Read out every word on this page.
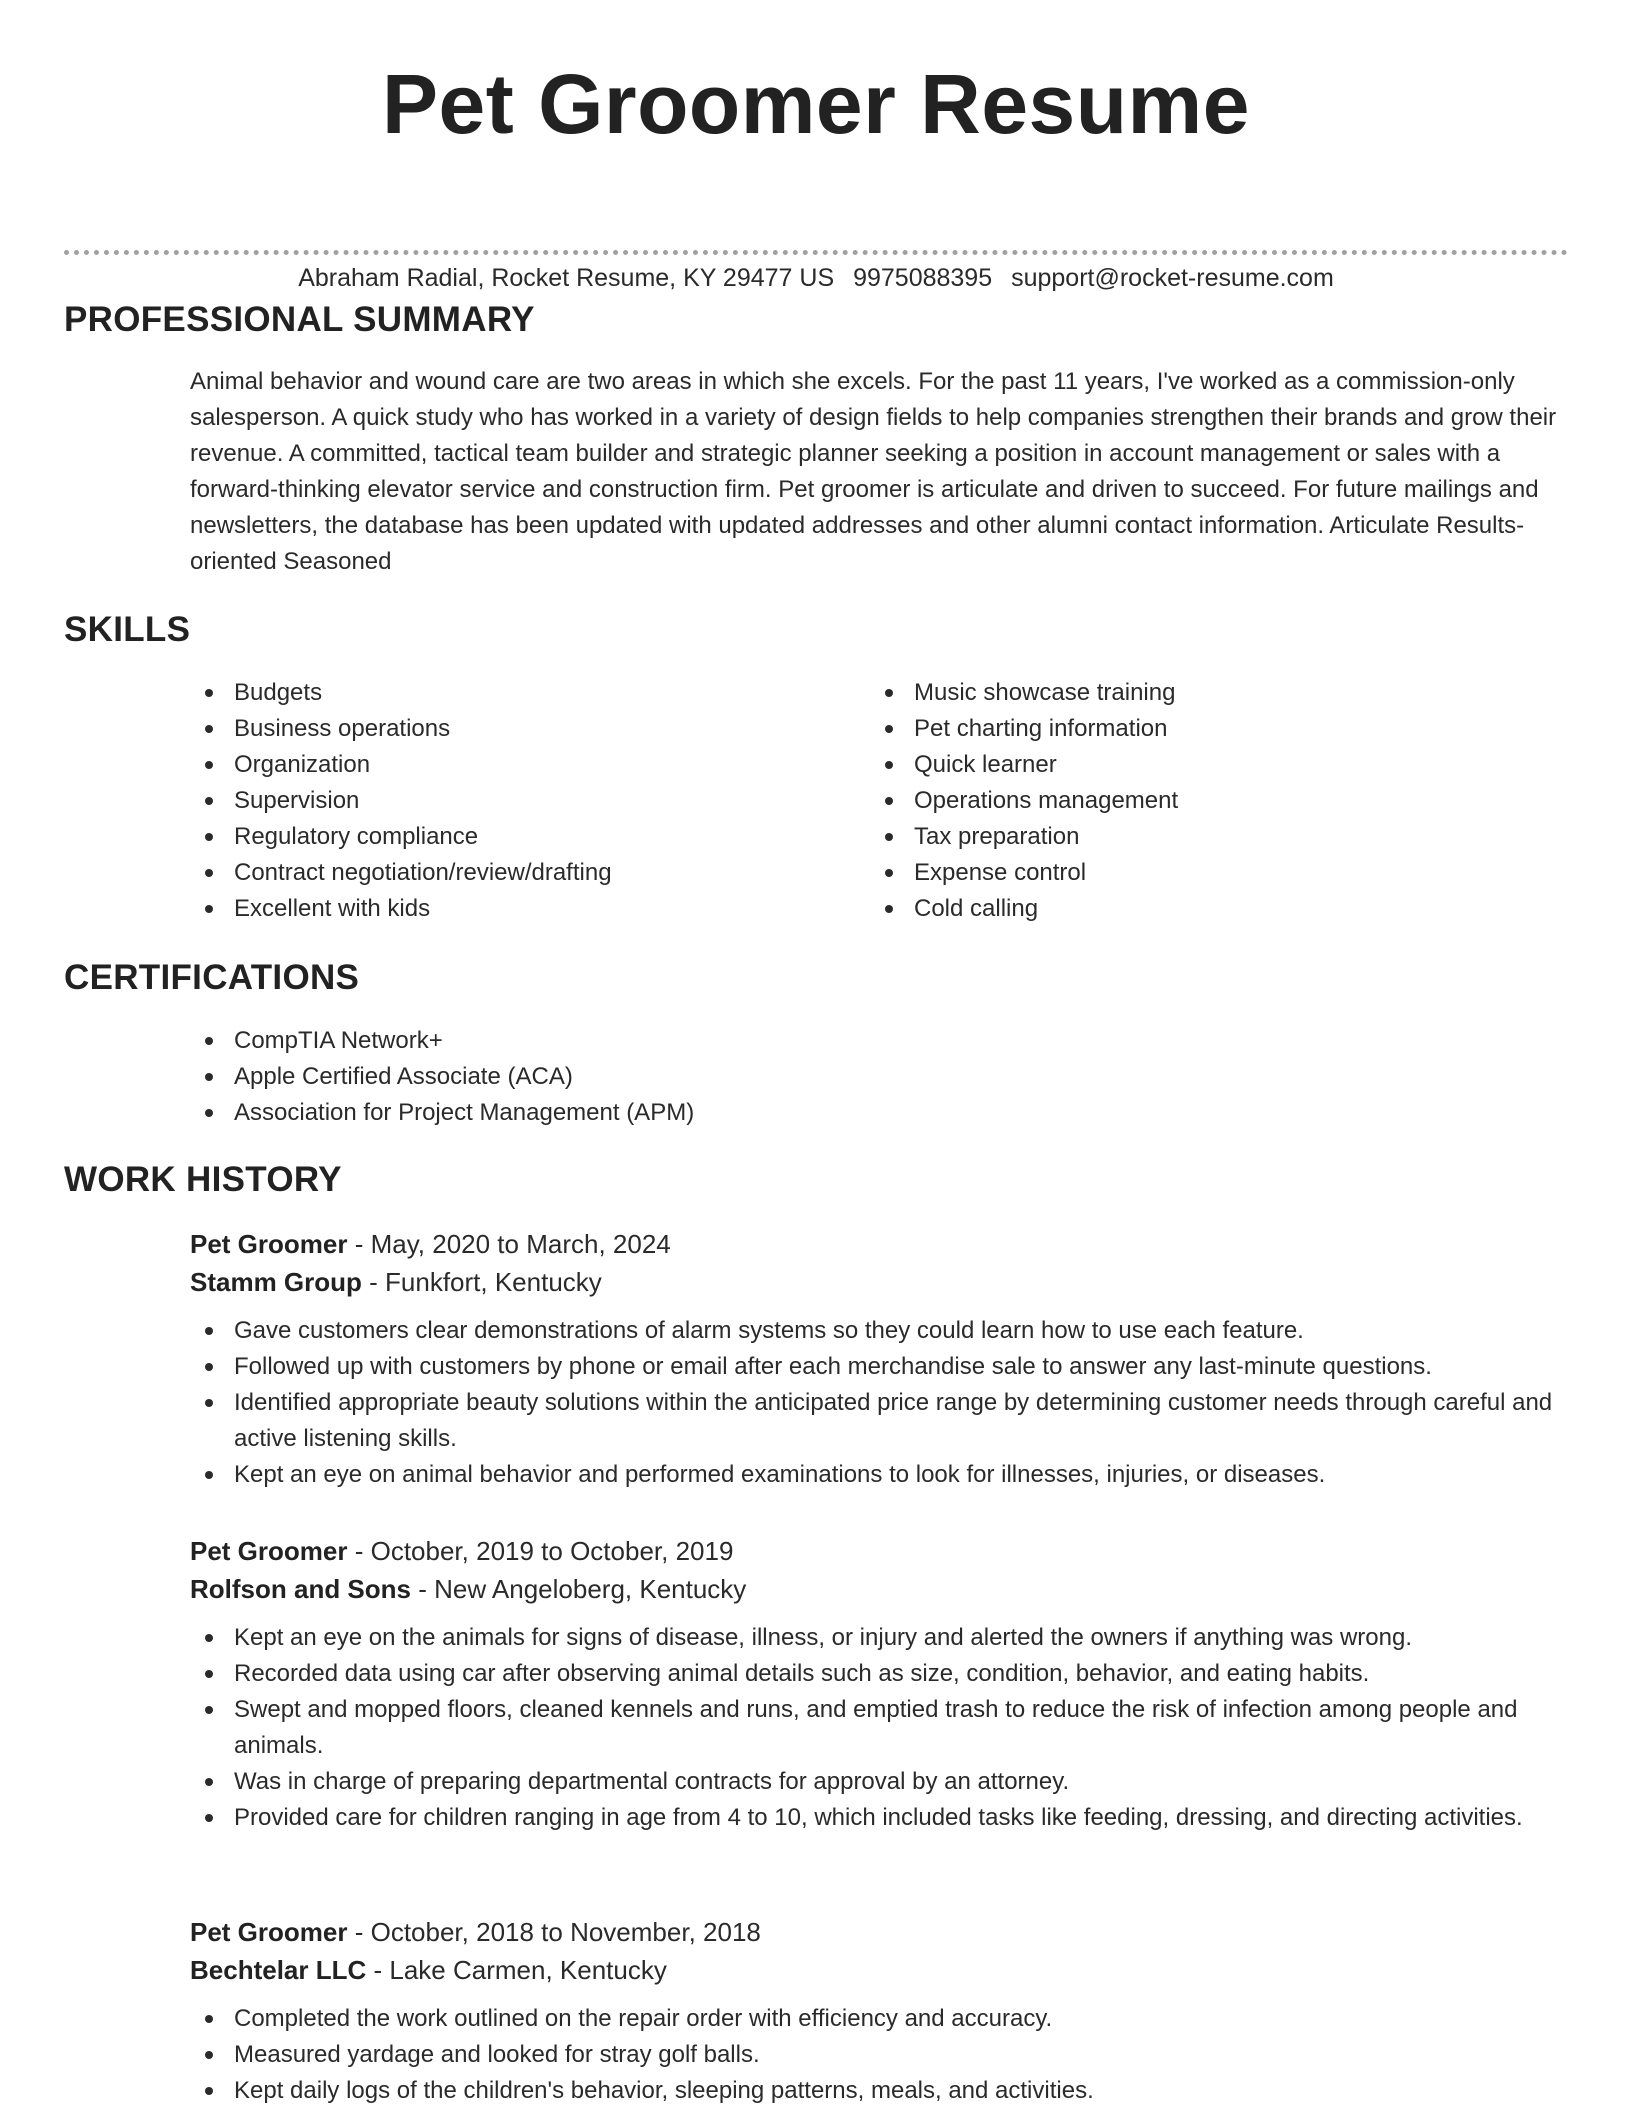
Pet Groomer Resume
Abraham Radial, Rocket Resume, KY 29477 US 9975088395 support@rocket-resume.com
PROFESSIONAL SUMMARY

Animal behavior and wound care are two areas in which she excels. For the past 11 years, I've worked as a commission-only salesperson. A quick study who has worked in a variety of design fields to help companies strengthen their brands and grow their revenue. A committed, tactical team builder and strategic planner seeking a position in account management or sales with a forward-thinking elevator service and construction firm. Pet groomer is articulate and driven to succeed. For future mailings and newsletters, the database has been updated with updated addresses and other alumni contact information. Articulate Results-oriented Seasoned

SKILLS
Budgets
Business operations
Organization
Supervision
Regulatory compliance
Contract negotiation/review/drafting
Excellent with kids
Music showcase training
Pet charting information
Quick learner
Operations management
Tax preparation
Expense control
Cold calling
CERTIFICATIONS
CompTIA Network+
Apple Certified Associate (ACA)
Association for Project Management (APM)
WORK HISTORY
Pet Groomer - May, 2020 to March, 2024
Stamm Group - Funkfort, Kentucky
Gave customers clear demonstrations of alarm systems so they could learn how to use each feature.
Followed up with customers by phone or email after each merchandise sale to answer any last-minute questions.
Identified appropriate beauty solutions within the anticipated price range by determining customer needs through careful and active listening skills.
Kept an eye on animal behavior and performed examinations to look for illnesses, injuries, or diseases.
Pet Groomer - October, 2019 to October, 2019
Rolfson and Sons - New Angeloberg, Kentucky
Kept an eye on the animals for signs of disease, illness, or injury and alerted the owners if anything was wrong.
Recorded data using car after observing animal details such as size, condition, behavior, and eating habits.
Swept and mopped floors, cleaned kennels and runs, and emptied trash to reduce the risk of infection among people and animals.
Was in charge of preparing departmental contracts for approval by an attorney.
Provided care for children ranging in age from 4 to 10, which included tasks like feeding, dressing, and directing activities.
Pet Groomer - October, 2018 to November, 2018
Bechtelar LLC - Lake Carmen, Kentucky
Completed the work outlined on the repair order with efficiency and accuracy.
Measured yardage and looked for stray golf balls.
Kept daily logs of the children's behavior, sleeping patterns, meals, and activities.
